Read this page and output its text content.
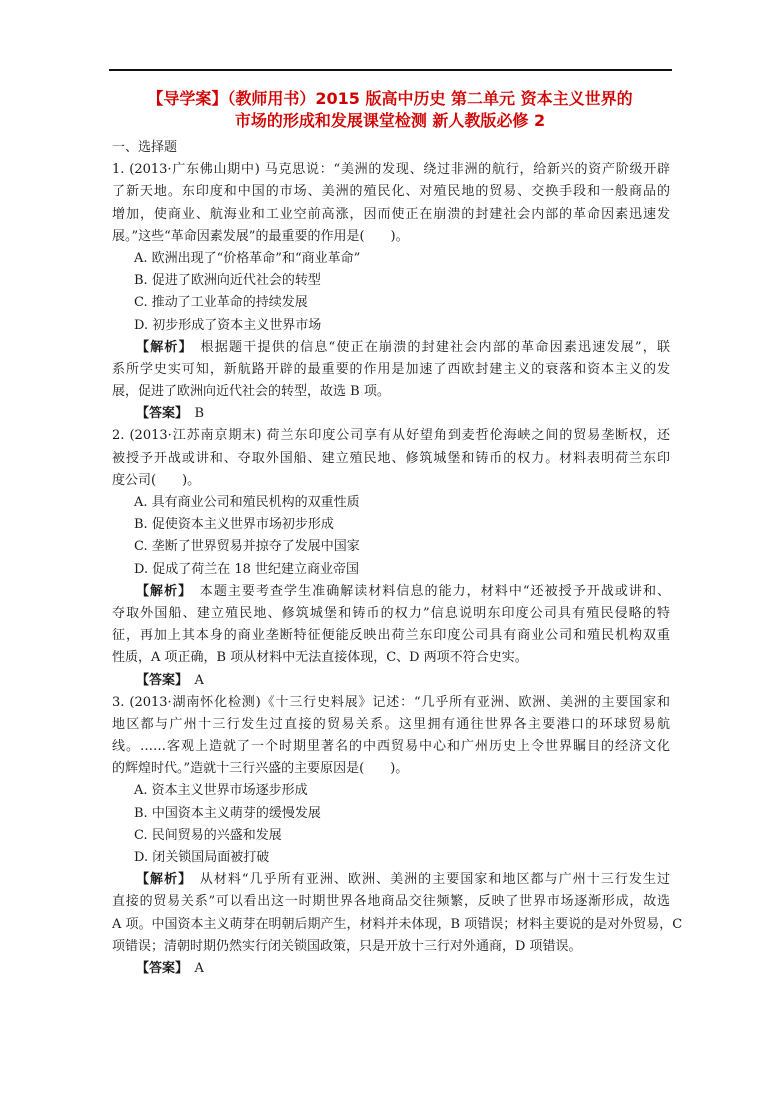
【导学案】（教师用书）2015 版高中历史 第二单元 资本主义世界的
市场的形成和发展课堂检测 新人教版必修 2
一、选择题
1. (2013·广东佛山期中) 马克思说：“美洲的发现、绕过非洲的航行，给新兴的资产阶级开辟
了新天地。东印度和中国的市场、美洲的殖民化、对殖民地的贸易、交换手段和一般商品的
增加，使商业、航海业和工业空前高涨，因而使正在崩溃的封建社会内部的革命因素迅速发
展。”这些“革命因素发展”的最重要的作用是(　　)。
A. 欧洲出现了“价格革命”和“商业革命”
B. 促进了欧洲向近代社会的转型
C. 推动了工业革命的持续发展
D. 初步形成了资本主义世界市场
【解析】　 根据题干提供的信息“使正在崩溃的封建社会内部的革命因素迅速发展”，联
系所学史实可知，新航路开辟的最重要的作用是加速了西欧封建主义的衰落和资本主义的发
展，促进了欧洲向近代社会的转型，故选 B 项。
【答案】　 B
2. (2013·江苏南京期末) 荷兰东印度公司享有从好望角到麦哲伦海峡之间的贸易垄断权，还
被授予开战或讲和、夺取外国船、建立殖民地、修筑城堡和铸币的权力。材料表明荷兰东印
度公司(　　)。
A. 具有商业公司和殖民机构的双重性质
B. 促使资本主义世界市场初步形成
C. 垄断了世界贸易并掠夺了发展中国家
D. 促成了荷兰在 18 世纪建立商业帝国
【解析】　 本题主要考查学生准确解读材料信息的能力，材料中“还被授予开战或讲和、
夺取外国船、建立殖民地、修筑城堡和铸币的权力”信息说明东印度公司具有殖民侵略的特
征，再加上其本身的商业垄断特征便能反映出荷兰东印度公司具有商业公司和殖民机构双重
性质，A 项正确，B 项从材料中无法直接体现，C、D 两项不符合史实。
【答案】　 A
3. (2013·湖南怀化检测)《十三行史料展》记述：“几乎所有亚洲、欧洲、美洲的主要国家和
地区都与广州十三行发生过直接的贸易关系。这里拥有通往世界各主要港口的环球贸易航
线。……客观上造就了一个时期里著名的中西贸易中心和广州历史上令世界瞩目的经济文化
的辉煌时代。”造就十三行兴盛的主要原因是(　　)。
A. 资本主义世界市场逐步形成
B. 中国资本主义萌芽的缓慢发展
C. 民间贸易的兴盛和发展
D. 闭关锁国局面被打破
【解析】　 从材料“几乎所有亚洲、欧洲、美洲的主要国家和地区都与广州十三行发生过
直接的贸易关系”可以看出这一时期世界各地商品交往频繁，反映了世界市场逐渐形成，故选
A 项。中国资本主义萌芽在明朝后期产生，材料并未体现，B 项错误；材料主要说的是对外贸易，C
项错误；清朝时期仍然实行闭关锁国政策，只是开放十三行对外通商，D 项错误。
【答案】　 A
